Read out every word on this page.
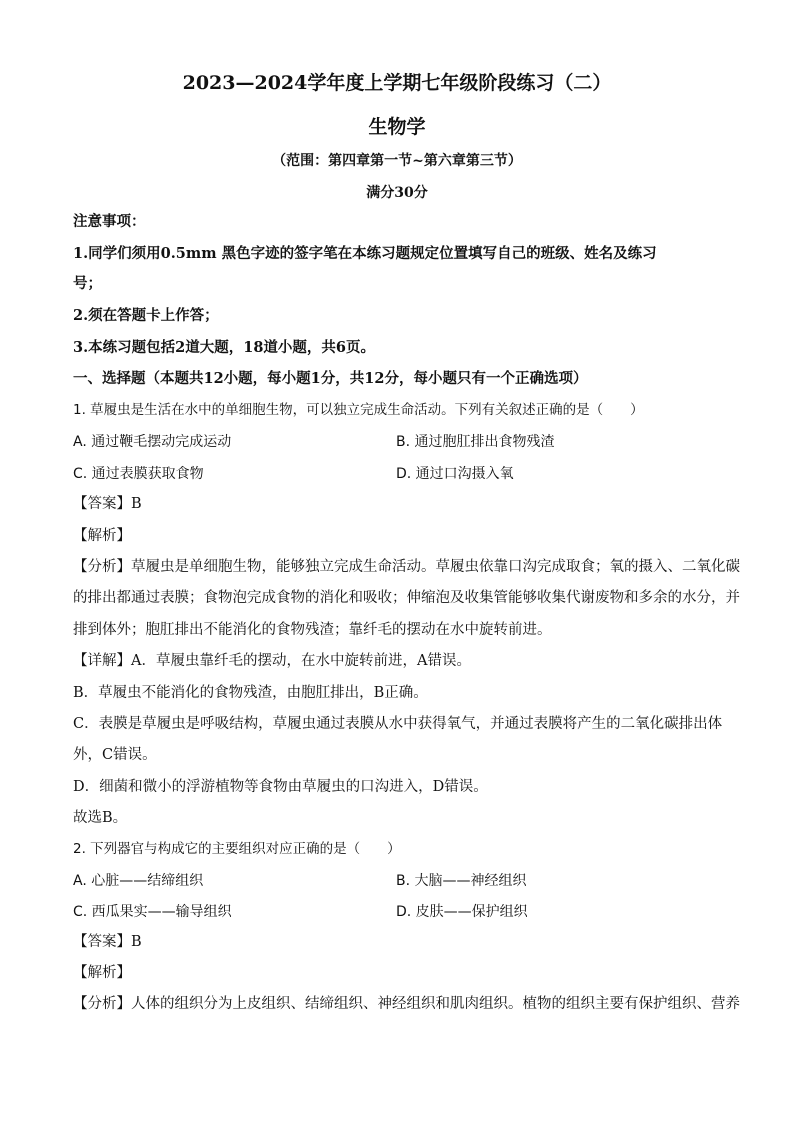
2023—2024学年度上学期七年级阶段练习（二）
生物学
（范围：第四章第一节~第六章第三节）
满分30分
注意事项：
1.同学们须用0.5mm 黑色字迹的签字笔在本练习题规定位置填写自己的班级、姓名及练习
号；
2.须在答题卡上作答；
3.本练习题包括2道大题，18道小题，共6页。
一、选择题（本题共12小题，每小题1分，共12分，每小题只有一个正确选项）
1. 草履虫是生活在水中的单细胞生物，可以独立完成生命活动。下列有关叙述正确的是（　　）
A. 通过鞭毛摆动完成运动	B. 通过胞肛排出食物残渣
C. 通过表膜获取食物	D. 通过口沟摄入氧
【答案】B
【解析】
【分析】草履虫是单细胞生物，能够独立完成生命活动。草履虫依靠口沟完成取食；氧的摄入、二氧化碳
的排出都通过表膜；食物泡完成食物的消化和吸收；伸缩泡及收集管能够收集代谢废物和多余的水分，并
排到体外；胞肛排出不能消化的食物残渣；靠纤毛的摆动在水中旋转前进。
【详解】A．草履虫靠纤毛的摆动，在水中旋转前进，A错误。
B．草履虫不能消化的食物残渣，由胞肛排出，B正确。
C．表膜是草履虫是呼吸结构，草履虫通过表膜从水中获得氧气，并通过表膜将产生的二氧化碳排出体
外，C错误。
D．细菌和微小的浮游植物等食物由草履虫的口沟进入，D错误。
故选B。
2. 下列器官与构成它的主要组织对应正确的是（　　）
A. 心脏——结缔组织	B. 大脑——神经组织
C. 西瓜果实——输导组织	D. 皮肤——保护组织
【答案】B
【解析】
【分析】人体的组织分为上皮组织、结缔组织、神经组织和肌肉组织。植物的组织主要有保护组织、营养
